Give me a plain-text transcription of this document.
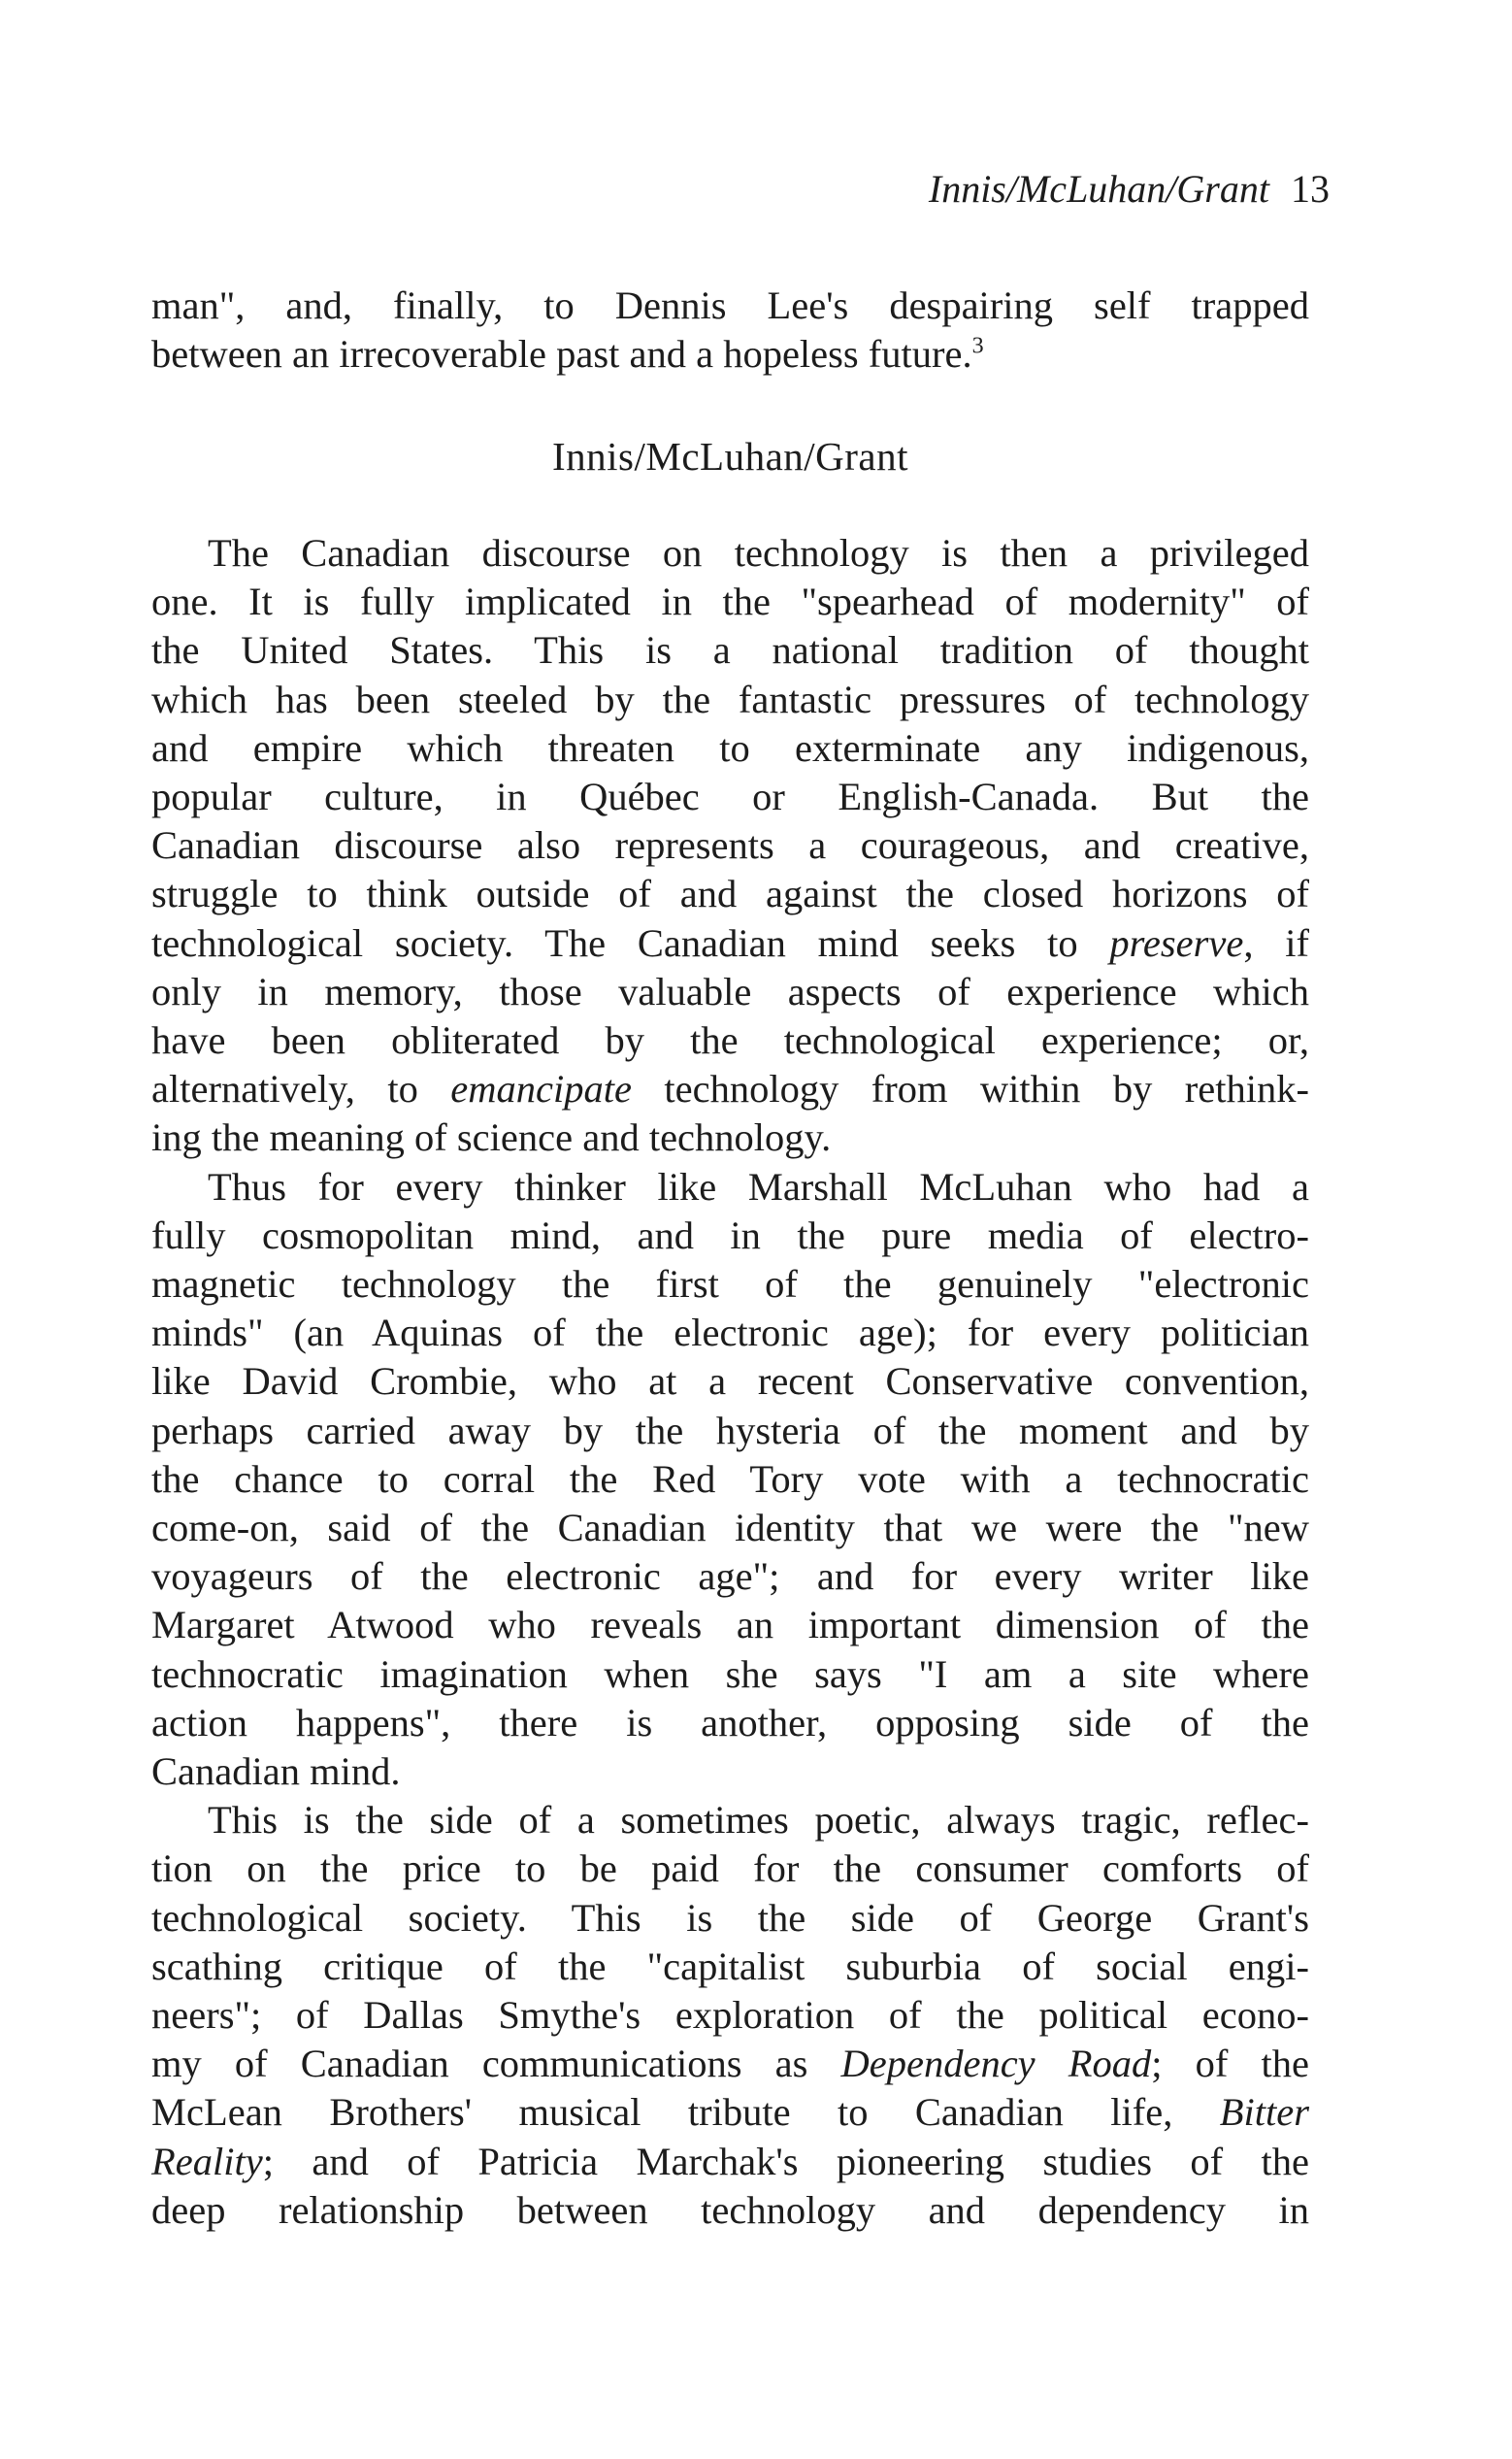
Innis/McLuhan/Grant 13
man", and, finally, to Dennis Lee's despairing self trapped
between an irrecoverable past and a hopeless future.$^3$
Innis/McLuhan/Grant
The Canadian discourse on technology is then a privileged
one. It is fully implicated in the "spearhead of modernity" of
the United States. This is a national tradition of thought
which has been steeled by the fantastic pressures of technology
and empire which threaten to exterminate any indigenous,
popular culture, in Québec or English-Canada. But the
Canadian discourse also represents a courageous, and creative,
struggle to think outside of and against the closed horizons of
technological society. The Canadian mind seeks to preserve, if
only in memory, those valuable aspects of experience which
have been obliterated by the technological experience; or,
alternatively, to emancipate technology from within by rethink-
ing the meaning of science and technology.
Thus for every thinker like Marshall McLuhan who had a
fully cosmopolitan mind, and in the pure media of electro-
magnetic technology the first of the genuinely "electronic
minds" (an Aquinas of the electronic age); for every politician
like David Crombie, who at a recent Conservative convention,
perhaps carried away by the hysteria of the moment and by
the chance to corral the Red Tory vote with a technocratic
come-on, said of the Canadian identity that we were the "new
voyageurs of the electronic age"; and for every writer like
Margaret Atwood who reveals an important dimension of the
technocratic imagination when she says "I am a site where
action happens", there is another, opposing side of the
Canadian mind.
This is the side of a sometimes poetic, always tragic, reflec-
tion on the price to be paid for the consumer comforts of
technological society. This is the side of George Grant's
scathing critique of the "capitalist suburbia of social engi-
neers"; of Dallas Smythe's exploration of the political econo-
my of Canadian communications as Dependency Road; of the
McLean Brothers' musical tribute to Canadian life, Bitter
Reality; and of Patricia Marchak's pioneering studies of the
deep relationship between technology and dependency in
